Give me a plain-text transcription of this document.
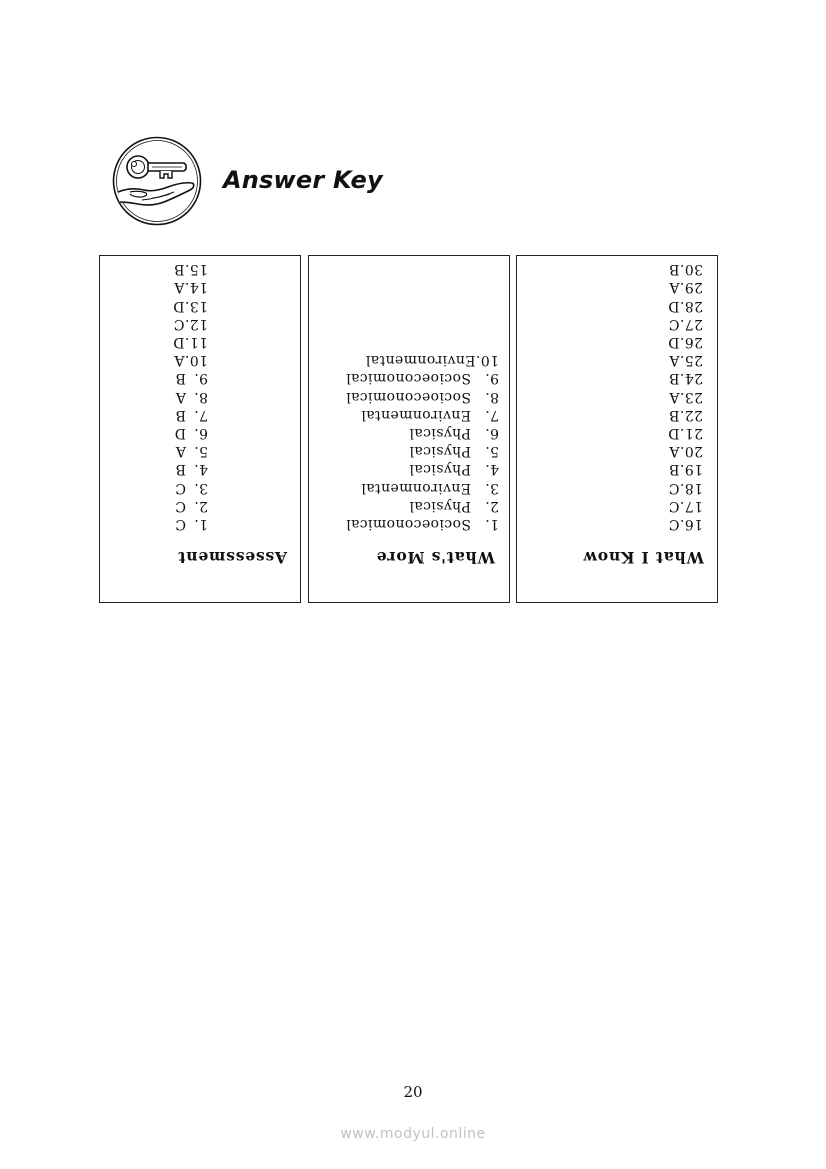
Answer Key
Assessment
1.C
2.C
3.C
4.B
5.A
6.D
7.B
8.A
9.B
10.A
11.D
12.C
13.D
14.A
15.B
What's More
1.Socioeconomical
2.Physical
3.Environmental
4.Physical
5.Physical
6.Physical
7.Environmental
8.Socioeconomical
9.Socioeconomical
10.Environmental
What I Know
16.C
17.C
18.C
19.B
20.A
21.D
22.B
23.A
24.B
25.A
26.D
27.C
28.D
29.A
30.B
20
www.modyul.online
